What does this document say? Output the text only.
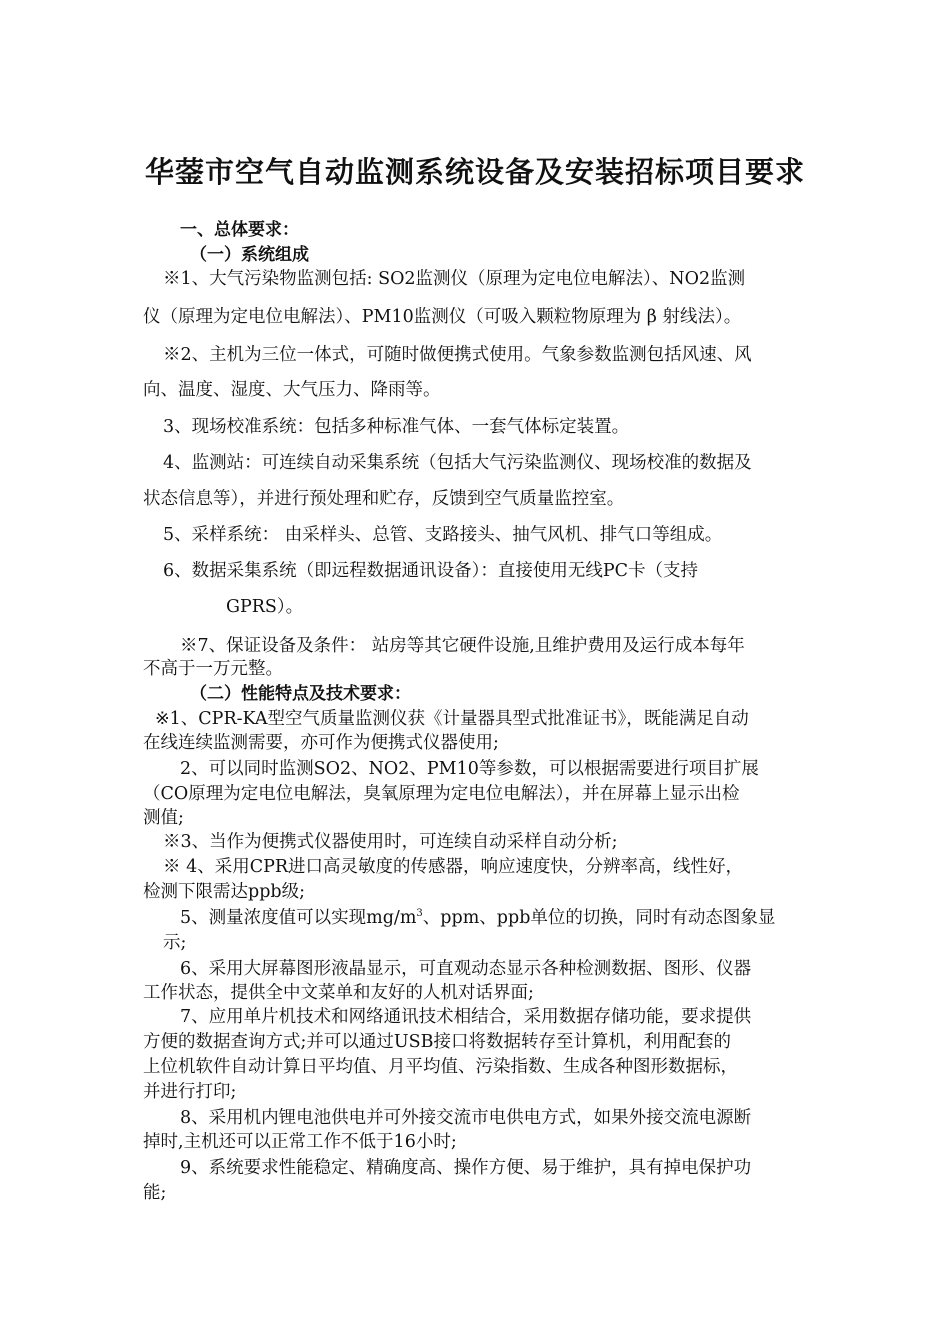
华蓥市空气自动监测系统设备及安装招标项目要求
一、总体要求：
（一）系统组成
※1、大气污染物监测包括: SO2监测仪（原理为定电位电解法）、NO2监测
仪（原理为定电位电解法）、PM10监测仪（可吸入颗粒物原理为 β 射线法）。
※2、主机为三位一体式，可随时做便携式使用。气象参数监测包括风速、风
向、温度、湿度、大气压力、降雨等。
3、现场校准系统：包括多种标准气体、一套气体标定装置。
4、监测站：可连续自动采集系统（包括大气污染监测仪、现场校准的数据及
状态信息等），并进行预处理和贮存，反馈到空气质量监控室。
5、采样系统： 由采样头、总管、支路接头、抽气风机、排气口等组成。
6、数据采集系统（即远程数据通讯设备）：直接使用无线PC卡（支持
GPRS）。
※7、保证设备及条件： 站房等其它硬件设施,且维护费用及运行成本每年
不高于一万元整。
（二）性能特点及技术要求：
※1、CPR-KA型空气质量监测仪获《计量器具型式批准证书》，既能满足自动
在线连续监测需要，亦可作为便携式仪器使用;
2、可以同时监测SO2、NO2、PM10等参数，可以根据需要进行项目扩展
（CO原理为定电位电解法，臭氧原理为定电位电解法），并在屏幕上显示出检
测值;
※3、当作为便携式仪器使用时，可连续自动采样自动分析;
※ 4、采用CPR进口高灵敏度的传感器，响应速度快，分辨率高，线性好，
检测下限需达ppb级;
5、测量浓度值可以实现$mg/m^3$、ppm、ppb单位的切换，同时有动态图象显
示;
6、采用大屏幕图形液晶显示，可直观动态显示各种检测数据、图形、仪器
工作状态，提供全中文菜单和友好的人机对话界面;
7、应用单片机技术和网络通讯技术相结合，采用数据存储功能，要求提供
方便的数据查询方式;并可以通过USB接口将数据转存至计算机，利用配套的
上位机软件自动计算日平均值、月平均值、污染指数、生成各种图形数据标，
并进行打印;
8、采用机内锂电池供电并可外接交流市电供电方式，如果外接交流电源断
掉时,主机还可以正常工作不低于16小时;
9、系统要求性能稳定、精确度高、操作方便、易于维护，具有掉电保护功
能;
